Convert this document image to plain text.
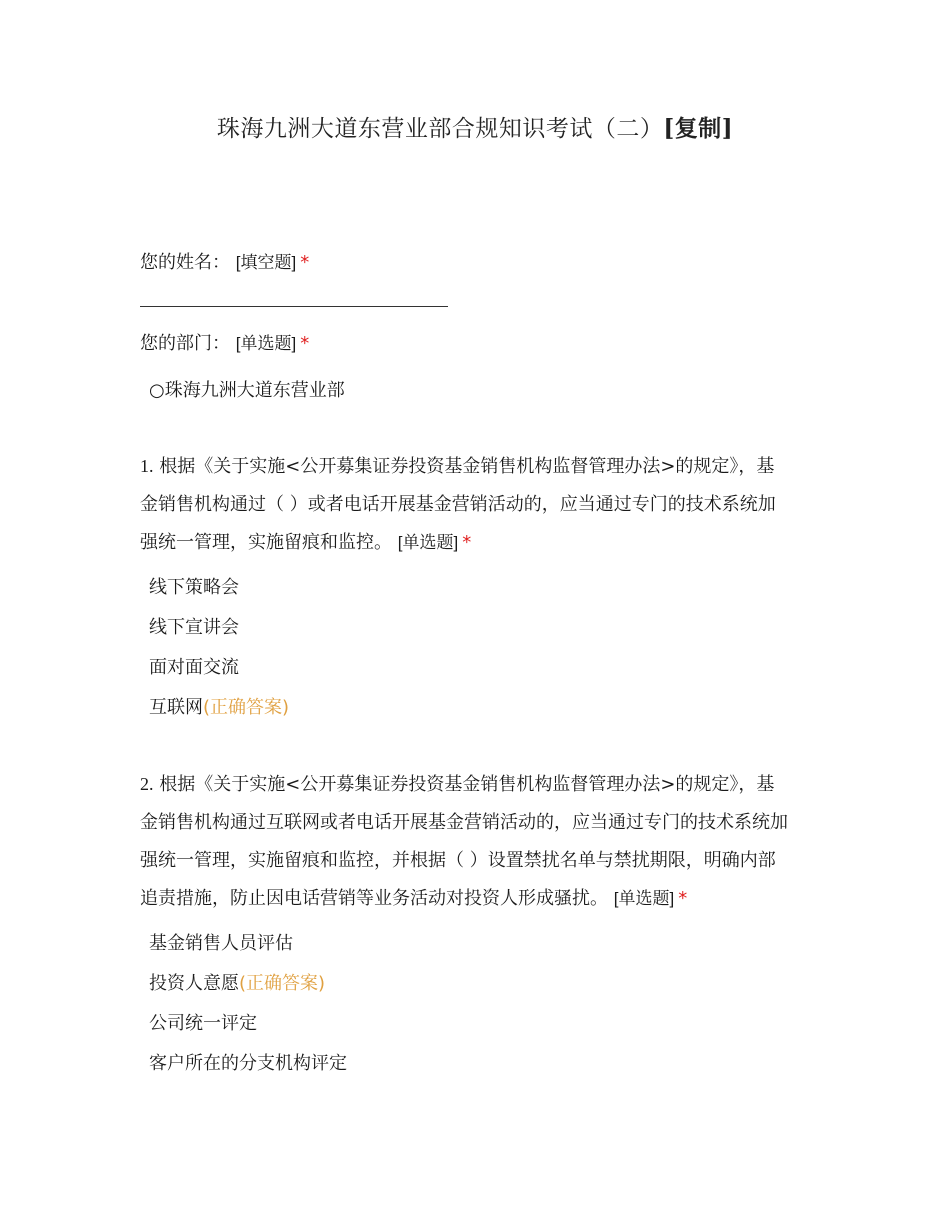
珠海九洲大道东营业部合规知识考试（二）[复制]
您的姓名： [填空题] *
您的部门： [单选题] *
○珠海九洲大道东营业部
1. 根据《关于实施<公开募集证券投资基金销售机构监督管理办法>的规定》，基
金销售机构通过（ ）或者电话开展基金营销活动的，应当通过专门的技术系统加
强统一管理，实施留痕和监控。 [单选题] *
线下策略会
线下宣讲会
面对面交流
互联网(正确答案)
2. 根据《关于实施<公开募集证券投资基金销售机构监督管理办法>的规定》，基
金销售机构通过互联网或者电话开展基金营销活动的，应当通过专门的技术系统加
强统一管理，实施留痕和监控，并根据（ ）设置禁扰名单与禁扰期限，明确内部
追责措施，防止因电话营销等业务活动对投资人形成骚扰。 [单选题] *
基金销售人员评估
投资人意愿(正确答案)
公司统一评定
客户所在的分支机构评定
